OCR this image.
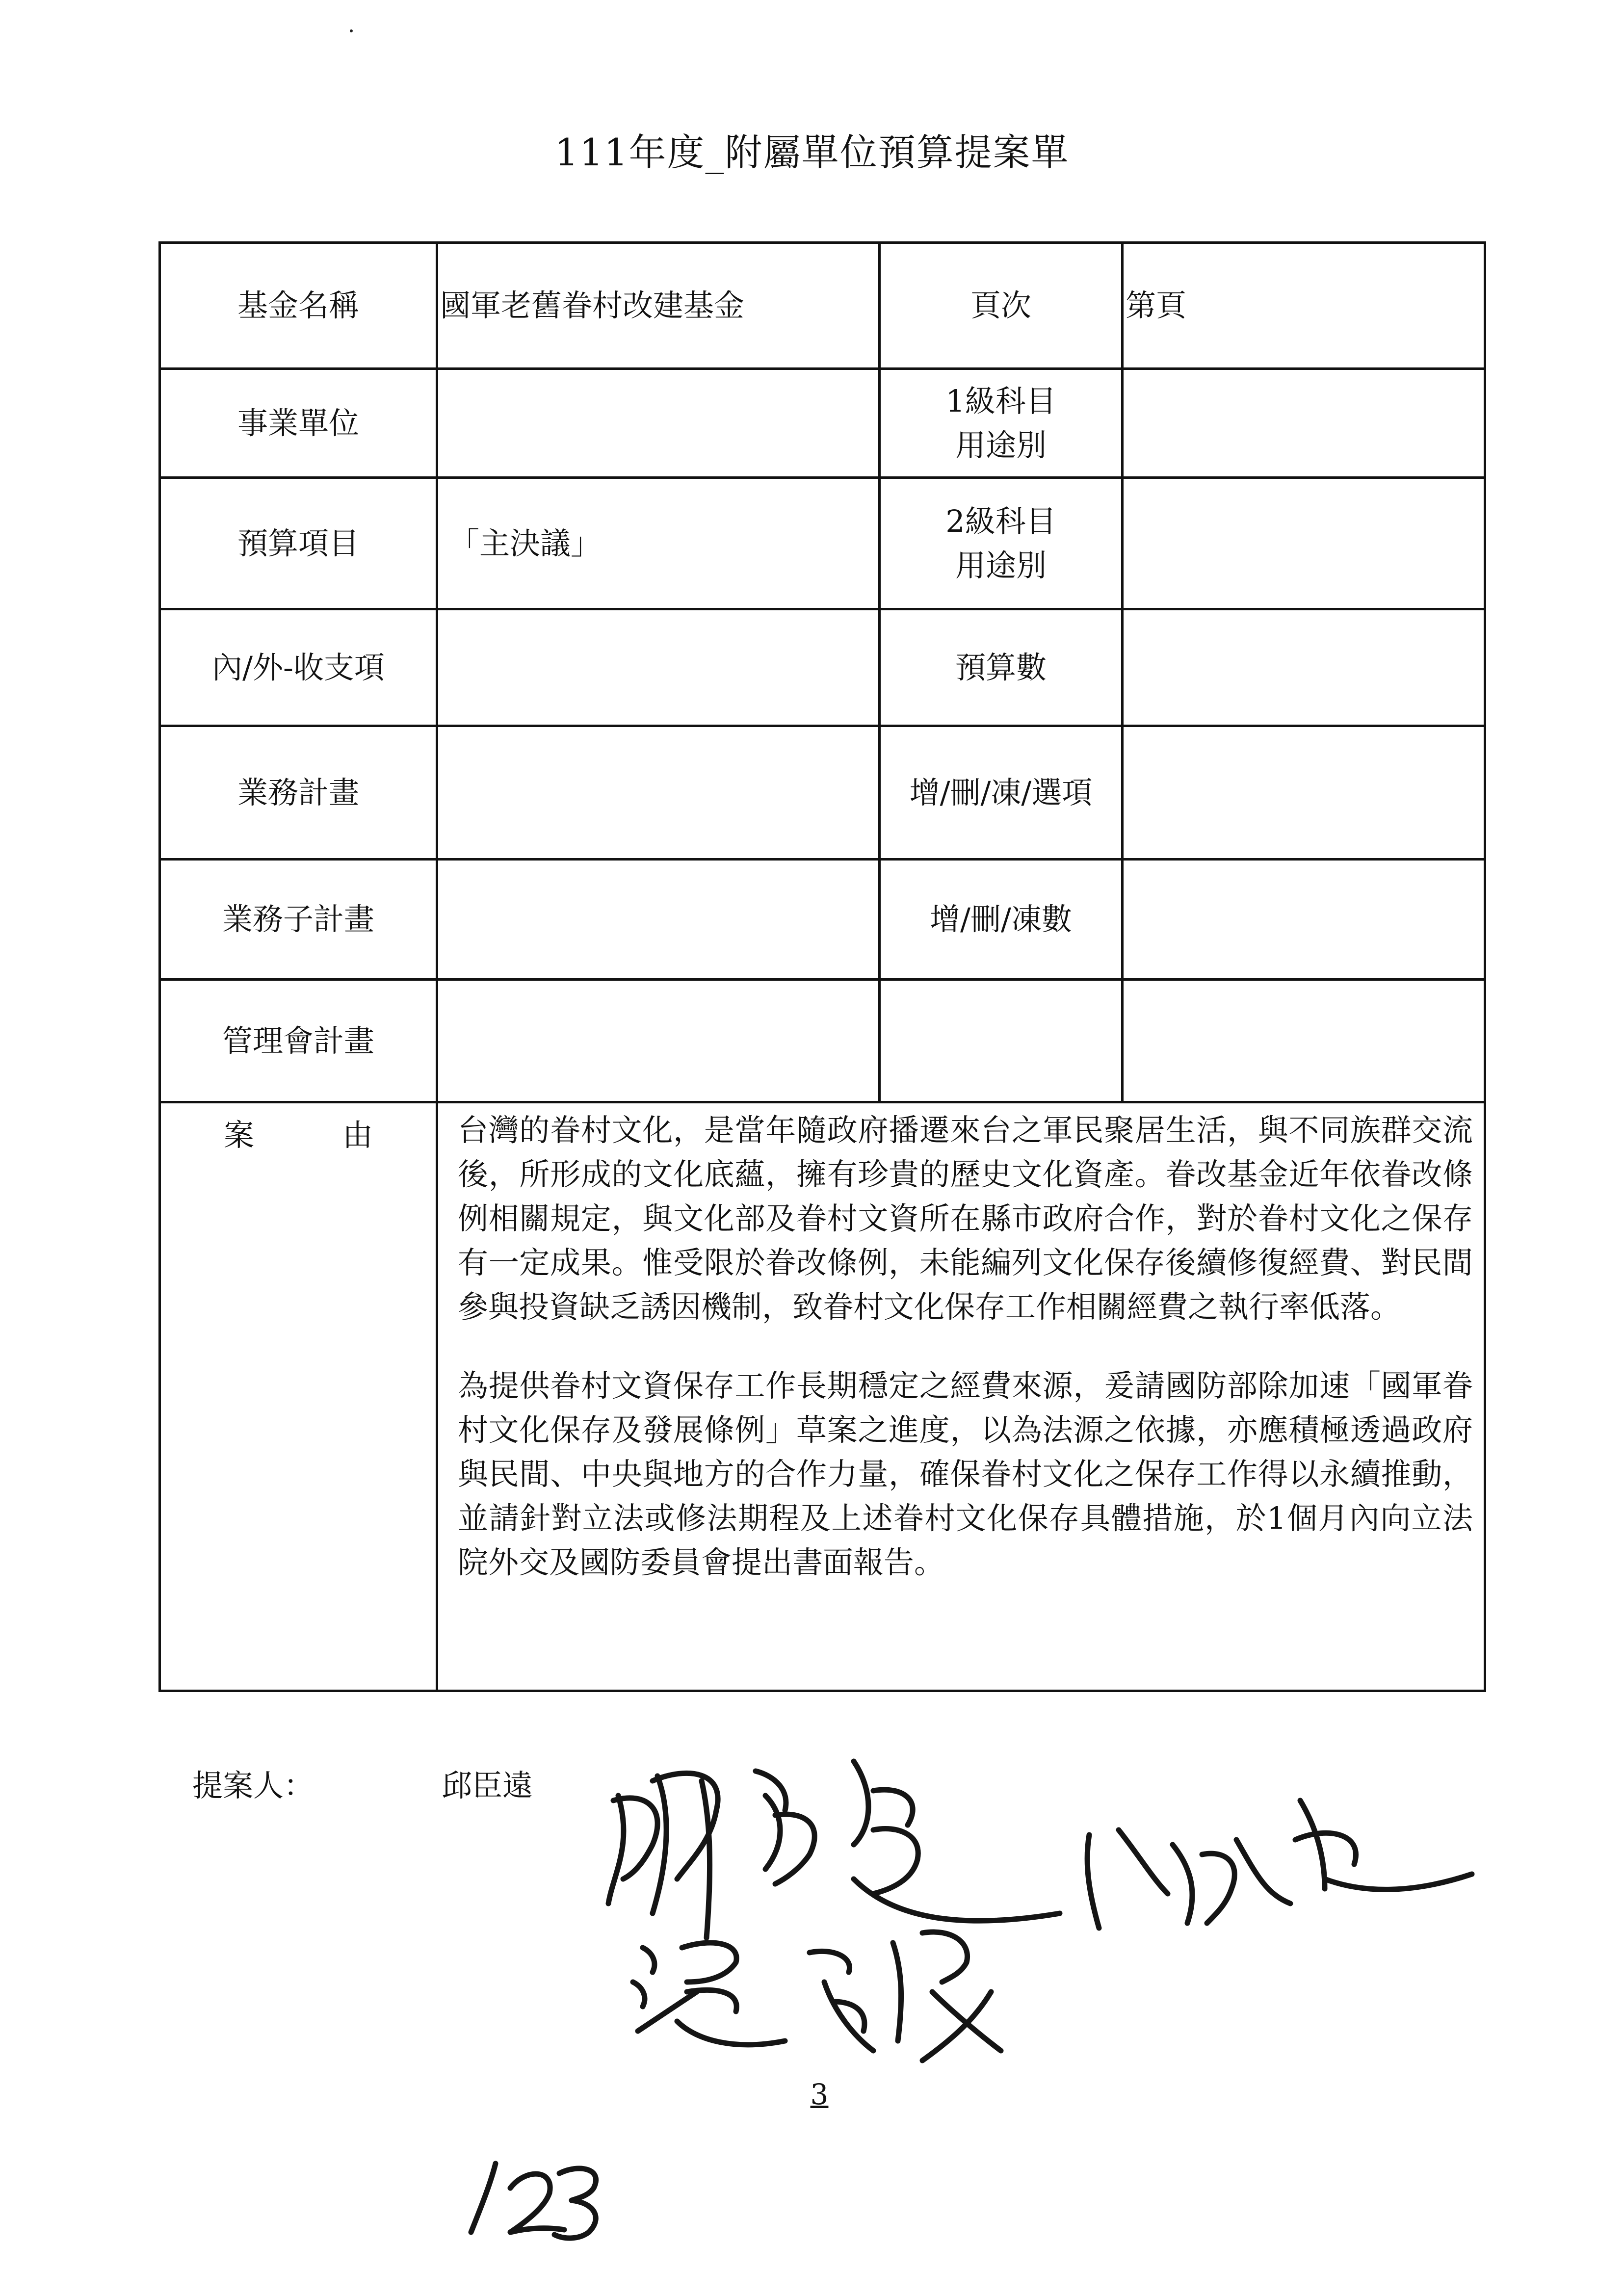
111年度_附屬單位預算提案單
基金名稱	國軍老舊眷村改建基金	頁次	第頁
事業單位		1級科目
用途別	

預算項目	「主決議」	2級科目
用途別	

內/外-收支項		預算數	
業務計畫		增/刪/凍/選項	
業務子計畫		增/刪/凍數	
管理會計畫			
案由	台灣的眷村文化，是當年隨政府播遷來台之軍民聚居生活，與不同族群交流後，所形成的文化底蘊，擁有珍貴的歷史文化資產。眷改基金近年依眷改條例相關規定，與文化部及眷村文資所在縣市政府合作，對於眷村文化之保存有一定成果。惟受限於眷改條例，未能編列文化保存後續修復經費、對民間參與投資缺乏誘因機制，致眷村文化保存工作相關經費之執行率低落。

為提供眷村文資保存工作長期穩定之經費來源，爰請國防部除加速「國軍眷村文化保存及發展條例」草案之進度，以為法源之依據，亦應積極透過政府與民間、中央與地方的合作力量，確保眷村文化之保存工作得以永續推動，並請針對立法或修法期程及上述眷村文化保存具體措施，於1個月內向立法院外交及國防委員會提出書面報告。		

提案人：	邱臣遠
3
